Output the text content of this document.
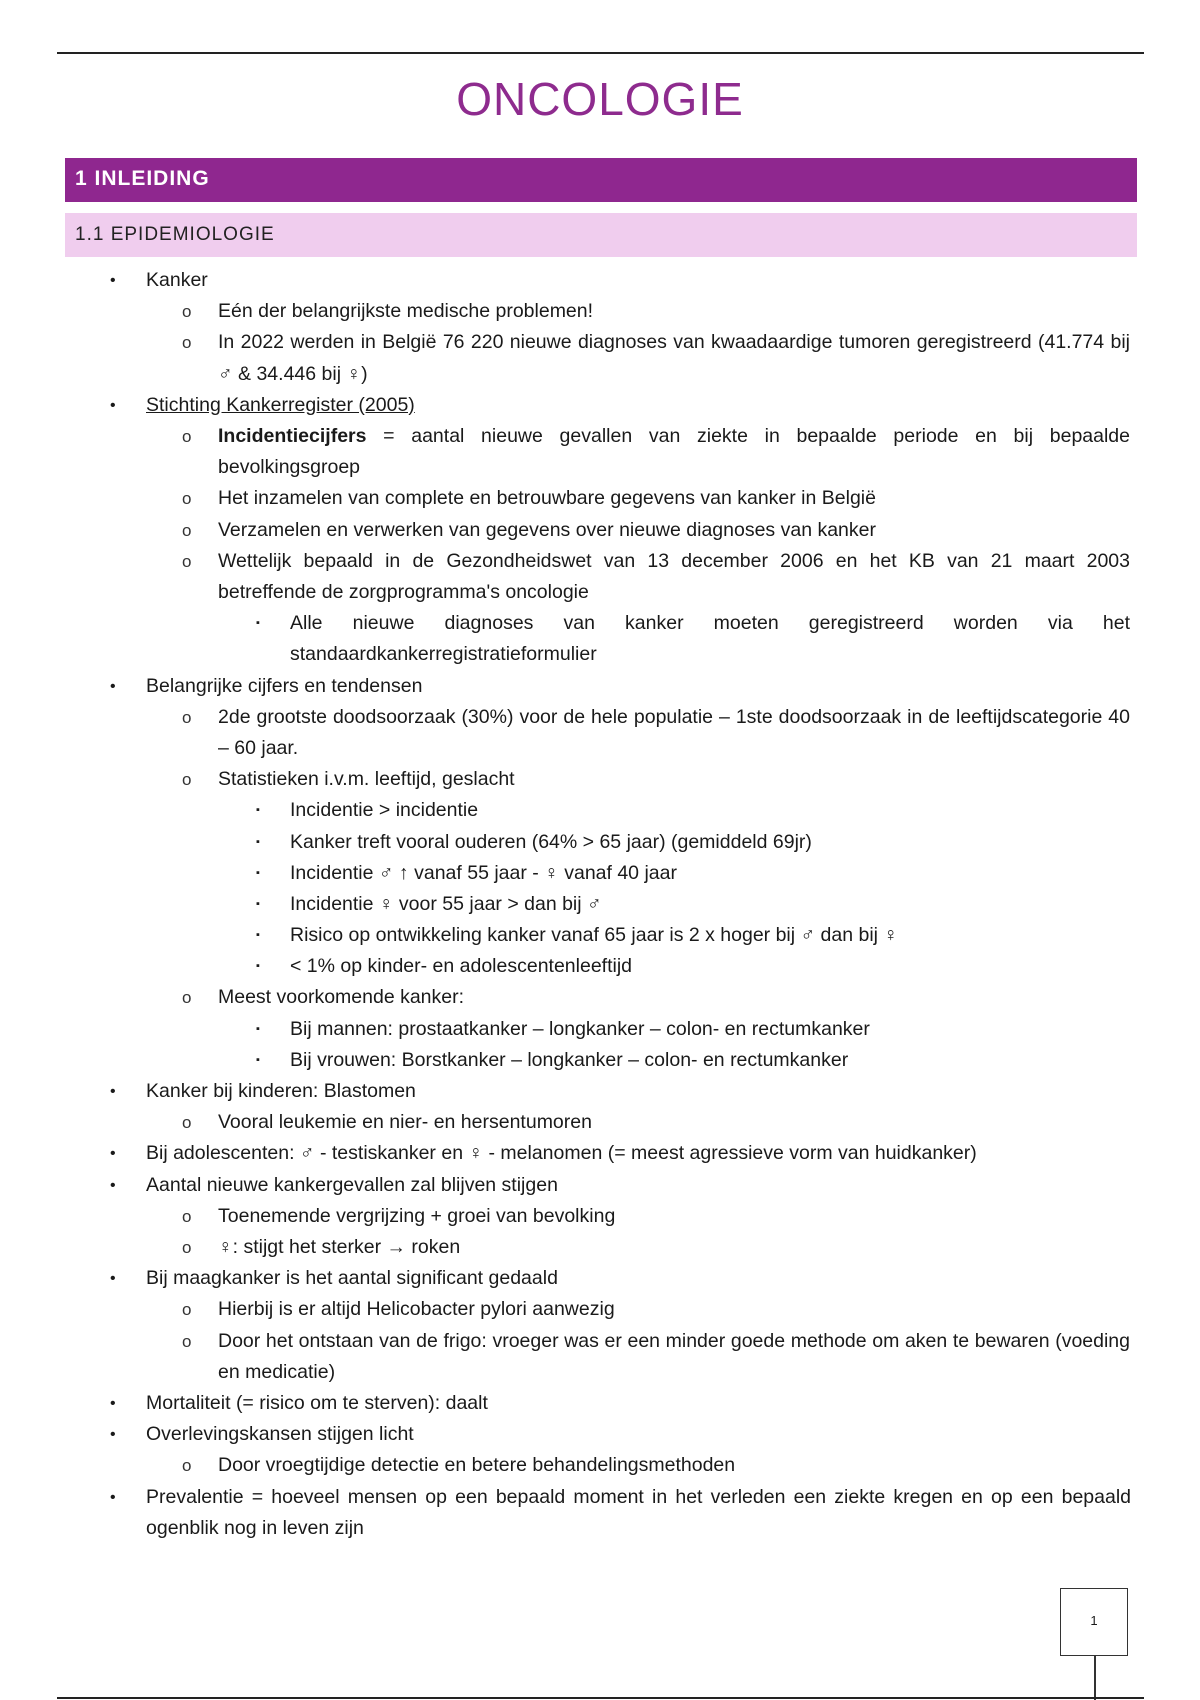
ONCOLOGIE
1 INLEIDING
1.1 EPIDEMIOLOGIE
• Kanker
o Eén der belangrijkste medische problemen!
o In 2022 werden in België 76 220 nieuwe diagnoses van kwaadaardige tumoren geregistreerd (41.774 bij ♂ & 34.446 bij ♀)
• Stichting Kankerregister (2005)
o Incidentiecijfers = aantal nieuwe gevallen van ziekte in bepaalde periode en bij bepaalde bevolkingsgroep
o Het inzamelen van complete en betrouwbare gegevens van kanker in België
o Verzamelen en verwerken van gegevens over nieuwe diagnoses van kanker
o Wettelijk bepaald in de Gezondheidswet van 13 december 2006 en het KB van 21 maart 2003 betreffende de zorgprogramma's oncologie
▪ Alle nieuwe diagnoses van kanker moeten geregistreerd worden via het standaardkankerregistratieformulier
• Belangrijke cijfers en tendensen
o 2de grootste doodsoorzaak (30%) voor de hele populatie – 1ste doodsoorzaak in de leeftijdscategorie 40 – 60 jaar.
o Statistieken i.v.m. leeftijd, geslacht
▪ Incidentie > incidentie
▪ Kanker treft vooral ouderen (64% > 65 jaar) (gemiddeld 69jr)
▪ Incidentie ♂ ↑ vanaf 55 jaar - ♀ vanaf 40 jaar
▪ Incidentie ♀ voor 55 jaar > dan bij ♂
▪ Risico op ontwikkeling kanker vanaf 65 jaar is 2 x hoger bij ♂ dan bij ♀
▪ < 1% op kinder- en adolescentenleeftijd
o Meest voorkomende kanker:
▪ Bij mannen: prostaatkanker – longkanker – colon- en rectumkanker
▪ Bij vrouwen: Borstkanker – longkanker – colon- en rectumkanker
• Kanker bij kinderen: Blastomen
o Vooral leukemie en nier- en hersentumoren
• Bij adolescenten: ♂ - testiskanker en ♀ - melanomen (= meest agressieve vorm van huidkanker)
• Aantal nieuwe kankergevallen zal blijven stijgen
o Toenemende vergrijzing + groei van bevolking
o ♀: stijgt het sterker → roken
• Bij maagkanker is het aantal significant gedaald
o Hierbij is er altijd Helicobacter pylori aanwezig
o Door het ontstaan van de frigo: vroeger was er een minder goede methode om aken te bewaren (voeding en medicatie)
• Mortaliteit (= risico om te sterven): daalt
• Overlevingskansen stijgen licht
o Door vroegtijdige detectie en betere behandelingsmethoden
• Prevalentie = hoeveel mensen op een bepaald moment in het verleden een ziekte kregen en op een bepaald ogenblik nog in leven zijn
1
